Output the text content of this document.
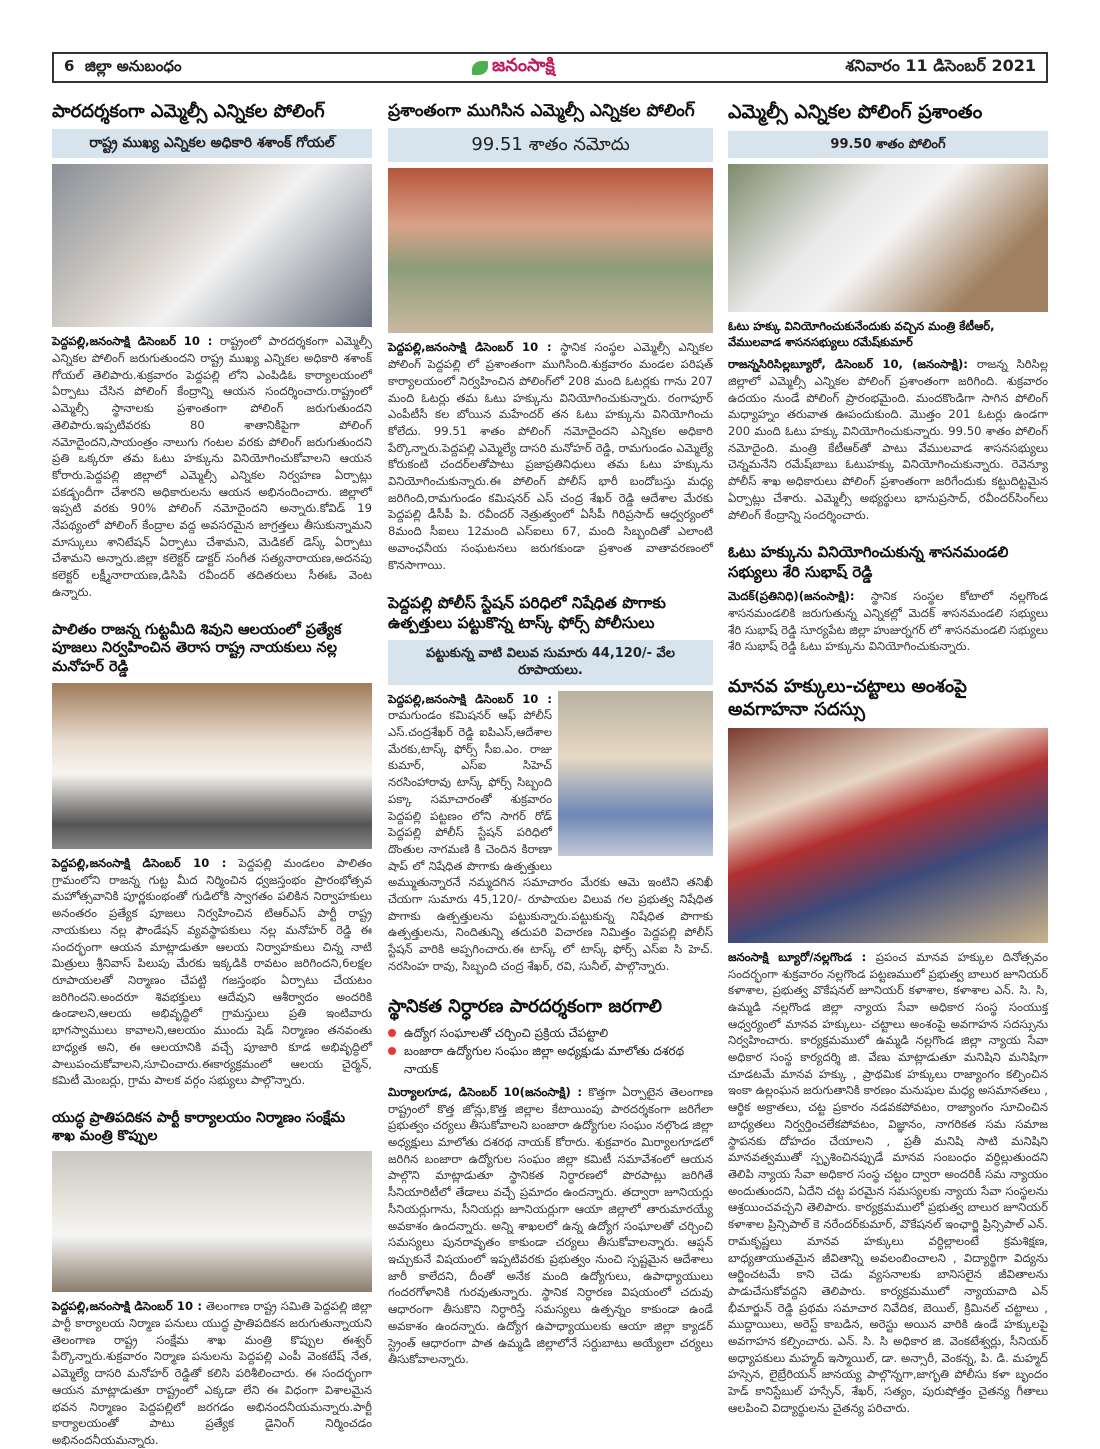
6 జిల్లా అనుబంధం	జనంసాక్షి	శనివారం 11 డిసెంబర్ 2021
పారదర్శకంగా ఎమ్మెల్సీ ఎన్నికల పోలింగ్
రాష్ట్ర ముఖ్య ఎన్నికల అధికారి శశాంక్ గోయల్
పెద్దపల్లి,జనంసాక్షి డిసెంబర్ 10 : రాష్ట్రంలో పారదర్శకంగా ఎమ్మెల్సీ ఎన్నికల పోలింగ్ జరుగుతుందని రాష్ట్ర ముఖ్య ఎన్నికల అధికారి శశాంక్ గోయల్ తెలిపారు.శుక్రవారం పెద్దపల్లి లోని ఎంపిడిఓ కార్యాలయంలో ఏర్పాటు చేసిన పోలింగ్ కేంద్రాన్ని ఆయన సందర్శించారు.రాష్ట్రంలో ఎమ్మెల్సీ స్థానాలకు ప్రశాంతంగా పోలింగ్ జరుగుతుందని తెలిపారు.ఇప్పటివరకు 80 శాతానికిపైగా పోలింగ్ నమోదైందని,సాయంత్రం నాలుగు గంటల వరకు పోలింగ్ జరుగుతుందని ప్రతి ఒక్కరూ తమ ఓటు హక్కును వినియోగించుకోవాలని ఆయన కోరారు.పెద్దపల్లి జిల్లాలో ఎమ్మెల్సీ ఎన్నికల నిర్వహణ ఏర్పాట్లు పకడ్బందీగా చేశారని అధికారులను ఆయన అభినందించారు. జిల్లాలో ఇప్పటి వరకు 90% పోలింగ్ నమోదైందని అన్నారు.కోవిడ్ 19 నేపథ్యంలో పోలింగ్ కేంద్రాల వద్ద అవసరమైన జాగ్రత్తలు తీసుకున్నామని మాస్కులు శానిటేషన్ ఏర్పాటు చేశామని, మెడికల్ డెస్క్ ఏర్పాటు చేశామని అన్నారు.జిల్లా కలెక్టర్ డాక్టర్ సంగీత సత్యనారాయణ,అదనపు కలెక్టర్ లక్ష్మీనారాయణ,డిసిపి రవీందర్ తదితరులు సీఈఓ వెంట ఉన్నారు.
పాలితం రాజన్న గుట్టమీది శివుని ఆలయంలో ప్రత్యేక పూజలు నిర్వహించిన తెరాస రాష్ట్ర నాయకులు నల్ల మనోహర్ రెడ్డి
పెద్దపల్లి,జనంసాక్షి డిసెంబర్ 10 : పెద్దపల్లి మండలం పాలితం గ్రామంలోని రాజన్న గుట్ట మీద నిర్మించిన ధ్వజస్తంభం ప్రారంభోత్సవ మహోత్సవానికి పూర్ణకుంభంతో గుడిలోకి స్వాగతం పలికిన నిర్వాహకులు అనంతరం ప్రత్యేక పూజలు నిర్వహించిన టిఆర్ఎస్ పార్టీ రాష్ట్ర నాయకులు నల్ల ఫౌండేషన్ వ్యవస్థాపకులు నల్ల మనోహర్ రెడ్డి ఈ సందర్భంగా ఆయన మాట్లాడుతూ ఆలయ నిర్వాహకులు చిన్న నాటి మిత్రులు శ్రీనివాస్ పిలుపు మేరకు ఇక్కడికి రావటం జరిగిందని,6లక్షల రూపాయలతో నిర్మాణం చేపట్టి గజస్తంభం ఏర్పాటు చేయటం జరిగిందని.అందరూ శివభక్తులు ఆదేవుని ఆశీర్వాదం అందరికి ఉండాలని,ఆలయ అభివృద్ధిలో గ్రామస్తులు ప్రతి ఇంటివారు భాగస్వాములు కావాలని,ఆలయం ముందు షెడ్ నిర్మాణం తనవంతు బాధ్యత అని, ఈ ఆలయానికి వచ్చే పూజారి కూడ అభివృద్ధిలో పాలుపంచుకోవాలని,సూచించారు.ఈకార్యక్రమంలో ఆలయ చైర్మన్, కమిటీ మెంబర్లు, గ్రామ పాలక వర్గం సభ్యులు పాల్గొన్నారు.
యుద్ధ ప్రాతిపదికన పార్టీ కార్యాలయం నిర్మాణం సంక్షేమ శాఖ మంత్రి కొప్పుల
పెద్దపల్లి,జనంసాక్షి డిసెంబర్ 10 : తెలంగాణ రాష్ట్ర సమితి పెద్దపల్లి జిల్లా పార్టీ కార్యాలయ నిర్మాణ పనులు యుద్ధ ప్రాతిపదికన జరుగుతున్నాయని తెలంగాణ రాష్ట్ర సంక్షేమ శాఖ మంత్రి కొప్పుల ఈశ్వర్ పేర్కొన్నారు.శుక్రవారం నిర్మాణ పనులను పెద్దపల్లి ఎంపీ వెంకటేష్ నేత, ఎమ్మెల్యే దాసరి మనోహర్ రెడ్డితో కలిసి పరిశీలించారు. ఈ సందర్భంగా ఆయన మాట్లాడుతూ రాష్ట్రంలో ఎక్కడా లేని ఈ విధంగా విశాలమైన భవన నిర్మాణం పెద్దపల్లిలో జరగడం అభినందనీయమన్నారు.పార్టీ కార్యాలయంతో పాటు ప్రత్యేక డైనింగ్ నిర్మించడం అభినందనీయమన్నారు.
ప్రశాంతంగా ముగిసిన ఎమ్మెల్సీ ఎన్నికల పోలింగ్
99.51 శాతం నమోదు
పెద్దపల్లి,జనంసాక్షి డిసెంబర్ 10 : స్థానిక సంస్థల ఎమ్మెల్సీ ఎన్నికల పోలింగ్ పెద్దపల్లి లో ప్రశాంతంగా ముగిసింది.శుక్రవారం మండల పరిషత్ కార్యాలయంలో నిర్వహించిన పోలింగ్‌లో 208 మంది ఓటర్లకు గాను 207 మంది ఓటర్లు తమ ఓటు హక్కును వినియోగించుకున్నారు. రంగాపూర్ ఎంపీటీసీ కల బోయిన మహేందర్ తన ఓటు హక్కును వినియోగించు కోలేదు. 99.51 శాతం పోలింగ్ నమోదైందని ఎన్నికల అధికారి పేర్కొన్నారు.పెద్దపల్లి ఎమ్మెల్యే దాసరి మనోహర్ రెడ్డి, రామగుండం ఎమ్మెల్యే కోరుకంటి చందర్‌లతోపాటు ప్రజాప్రతినిధులు తమ ఓటు హక్కును వినియోగించుకున్నారు.ఈ పోలింగ్ పోలీస్ భారీ బందోబస్తు మధ్య జరిగింది,రామగుండం కమిషనర్ ఎస్ చంద్ర శేఖర్ రెడ్డి ఆదేశాల మేరకు పెద్దపల్లి డీసీపీ పి. రవీందర్ నెత్రుత్వంలో ఏసీపీ గిరిప్రసాద్ ఆధ్వర్యంలో 8మంది సీఐలు 12మంది ఎస్ఐలు 67, మంది సిబ్బందితో ఎలాంటి అవాంఛనీయ సంఘటనలు జరుగకుండా ప్రశాంత వాతావరణంలో కొనసాగాయి.
పెద్దపల్లి పోలీస్ స్టేషన్ పరిధిలో నిషేధిత పొగాకు ఉత్పత్తులు పట్టుకొన్న టాస్క్ ఫోర్స్ పోలీసులు
పట్టుకున్న వాటి విలువ సుమారు 44,120/- వేల రూపాయలు.
పెద్దపల్లి,జనంసాక్షి డిసెంబర్ 10 : రామగుండం కమిషనర్ ఆఫ్ పోలీస్ ఎస్.చంద్రశేఖర్ రెడ్డి ఐపిఎస్,ఆదేశాల మేరకు,టాస్క్ ఫోర్స్ సీఐ.ఎం. రాజు కుమార్, ఎస్ఐ సిహెచ్ నరసింహారావు టాస్క్ ఫోర్స్ సిబ్బంది పక్కా సమాచారంతో శుక్రవారం పెద్దపల్లి పట్టణం లోని సాగర్ రోడ్ పెద్దపల్లి పోలీస్ స్టేషన్ పరిధిలో దొంతుల నాగమణి కి చెందిన కిరాణా షాప్ లో నిషేధిత పొగాకు ఉత్పత్తులు అమ్ముతున్నారనే నమ్మదగిన సమాచారం మేరకు ఆమె ఇంటిని తనిఖీ చేయగా సుమారు 45,120/- రూపాయల విలువ గల ప్రభుత్వ నిషేధిత పొగాకు ఉత్పత్తులను పట్టుకున్నారు.పట్టుకున్న నిషేధిత పొగాకు ఉత్పత్తులను, నిందితున్ని తదుపరి విచారణ నిమిత్తం పెద్దపల్లి పోలీస్ స్టేషన్ వారికి అప్పగించారు.ఈ టాస్క్ లో టాస్క్ ఫోర్స్ ఎస్ఐ సి హెచ్. నరసింహ రావు, సిబ్బంది చంద్ర శేఖర్, రవి, సునీల్, పాల్గొన్నారు.
స్థానికత నిర్ధారణ పారదర్శకంగా జరగాలి
ఉద్యోగ సంఘాలతో చర్చించి ప్రక్రియ చేపట్టాలి
బంజారా ఉద్యోగుల సంఘం జిల్లా అధ్యక్షుడు మాలోతు దశరథ నాయక్
మిర్యాలగూడ, డిసెంబర్ 10(జనంసాక్షి) : కొత్తగా ఏర్పాటైన తెలంగాణ రాష్ట్రంలో కొత్త జోన్లు,కొత్త జిల్లాల కేటాయింపు పారదర్శకంగా జరిగేలా ప్రభుత్వం చర్యలు తీసుకోవాలని బంజారా ఉద్యోగుల సంఘం నల్గొండ జిల్లా అధ్యక్షులు మాలోతు దశరథ నాయక్ కోరారు. శుక్రవారం మిర్యాలగూడలో జరిగిన బంజారా ఉద్యోగుల సంఘం జిల్లా కమిటీ సమావేశంలో ఆయన పాల్గొని మాట్లాడుతూ స్థానికత నిర్ధారణలో పొరపాట్లు జరిగితే సీనియారిటీలో తేడాలు వచ్చే ప్రమాదం ఉందన్నారు. తద్వారా జూనియర్లు సీనియర్లుగాను, సీనియర్లు జూనియర్లుగా ఆయా జిల్లాలో తారుమారయ్యే అవకాశం ఉందన్నారు. అన్ని శాఖలలో ఉన్న ఉద్యోగ సంఘాలతో చర్చించి సమస్యలు పునరావృతం కాకుండా చర్యలు తీసుకోవాలన్నారు. ఆప్షన్ ఇచ్చుకునే విషయంలో ఇప్పటివరకు ప్రభుత్వం నుంచి స్పష్టమైన ఆదేశాలు జారీ కాలేదని, దీంతో అనేక మంది ఉద్యోగులు, ఉపాధ్యాయులు గందరగోళానికి గురవుతున్నారు. స్థానిక నిర్ధారణ విషయంలో చదువు ఆధారంగా తీసుకొని నిర్ధారిస్తే సమస్యలు ఉత్పన్నం కాకుండా ఉండే అవకాశం ఉందన్నారు. ఉద్యోగ ఉపాధ్యాయులకు ఆయా జిల్లా క్యాడర్ స్ట్రెంత్ ఆధారంగా పాత ఉమ్మడి జిల్లాలోనే సర్దుబాటు అయ్యేలా చర్యలు తీసుకోవాలన్నారు.
ఎమ్మెల్సీ ఎన్నికల పోలింగ్ ప్రశాంతం
99.50 శాతం పోలింగ్
ఓటు హక్కు వినియోగించుకునేందుకు వచ్చిన మంత్రి కేటీఆర్, వేములవాడ శాసనసభ్యులు రమేష్‌కుమార్
రాజన్నసిరిసిల్లబ్యూరో, డిసెంబర్ 10, (జనంసాక్షి): రాజన్న సిరిసిల్ల జిల్లాలో ఎమ్మెల్సీ ఎన్నికల పోలింగ్ ప్రశాంతంగా జరిగింది. శుక్రవారం ఉదయం నుండే పోలింగ్ ప్రారంభమైంది. మందకొండిగా సాగిన పోలింగ్ మధ్యాహ్నం తరువాత ఊపందుకుంది. మొత్తం 201 ఓటర్లు ఉండగా 200 మంది ఓటు హక్కు వినియోగించుకున్నారు. 99.50 శాతం పోలింగ్ నమోదైంది. మంత్రి కేటీఆర్‌తో పాటు వేములవాడ శాసనసభ్యులు చెన్నమనేని రమేష్‌బాబు ఓటుహక్కు వినియోగించుకున్నారు. రెవెన్యూ పోలీస్ శాఖ అధికారులు పోలింగ్ ప్రశాంతంగా జరిగేందుకు కట్టుదిట్టమైన ఏర్పాట్లు చేశారు. ఎమ్మెల్సీ అభ్యర్థులు భానుప్రసాద్, రవీందర్‌సింగ్‌లు పోలింగ్ కేంద్రాన్ని సందర్శించారు.
ఓటు హక్కును వినియోగించుకున్న శాసనమండలి సభ్యులు శేరి సుభాష్ రెడ్డి
మెదక్(ప్రతినిధి)(జనంసాక్షి): స్థానిక సంస్థల కోటాలో నల్లగొండ శాసనమండలికి జరుగుతున్న ఎన్నికల్లో మెదక్ శాసనమండలి సభ్యులు శేరి సుభాష్ రెడ్డి సూర్యపేట జిల్లా హుజుర్నగర్ లో శాసనమండలి సభ్యులు శేరి సుభాష్ రెడ్డి ఓటు హక్కును వినియోగించుకున్నారు.
మానవ హక్కులు-చట్టాలు అంశంపై అవగాహనా సదస్సు
జనంసాక్షి బ్యూరో/నల్లగొండ : ప్రపంచ మానవ హక్కుల దినోత్సవం సందర్భంగా శుక్రవారం నల్లగొండ పట్టణములో ప్రభుత్వ బాలుర జూనియర్ కళాశాల, ప్రభుత్వ వొకేషనల్ జూనియర్ కళాశాల, కళాశాల ఎన్. సి. సి, ఉమ్మడి నల్లగొండ జిల్లా న్యాయ సేవా అధికార సంస్థ సంయుక్త ఆధ్వర్యంలో మానవ హక్కులు- చట్టాలు అంశంపై అవగాహన సదస్సును నిర్వహించారు. కార్యక్రమములో ఉమ్మడి నల్లగొండ జిల్లా న్యాయ సేవా అధికార సంస్థ కార్యదర్శి జి. వేణు మాట్లాడుతూ మనిషిని మనిషిగా చూడటమే మానవ హక్కు , ప్రాథమిక హక్కులు రాజ్యాంగం కల్పించిన ఇంకా ఉల్లంఘన జరుగుతానికి కారణం మనుషుల మధ్య అసమానతలు , ఆర్థిక అక్రాతలు, చట్ట ప్రకారం నడవకపోవటం, రాజ్యాంగం సూచించిన బాధ్యతలు నిర్వర్తించలేకపోవటం, విజ్ఞానం, నాగరికత సమ సమాజ స్థాపనకు దోహదం చేయాలని , ప్రతీ మనిషి సాటి మనిషిని మానవత్వముతో స్పృశించినప్పుడే మానవ సంబంధం వర్ధిల్లుతుందని తెలిపి న్యాయ సేవా అధికార సంస్థ చట్టం ద్వారా అందరికీ సమ న్యాయం అందుతుందని, ఏదేని చట్ట పరమైన సమస్యలకు న్యాయ సేవా సంస్థలను ఆశ్రయించవచ్చని తెలిపారు. కార్యక్రమములో ప్రభుత్వ బాలుర జూనియర్ కళాశాల ప్రిన్సిపాల్ కె నరేందర్‌కుమార్, వొకేషనల్ ఇంఛార్జి ప్రిన్సిపాల్ ఎన్. రామకృష్ణలు మానవ హక్కులు వర్ధిల్లాలంటే క్రమశిక్షణ, బాధ్యతాయుతమైన జీవితాన్ని అవలంబించాలని , విద్యార్థిగా విద్యను ఆర్జించటమే కాని చెడు వ్యసనాలకు బానిసలైన జీవితాలను పాడుచేసుకోవద్దని తెలిపారు. కార్యక్రమములో న్యాయవాది ఎన్ భీమార్జున్ రెడ్డి ప్రథమ సమాచార నివేదిక, బెయిల్, క్రిమినల్ చట్టాలు , ముద్దాయిలు, అరెస్ట్ కాబడిన, అరెస్టు అయిన వారికి ఉండే హక్కులపై అవగాహన కల్పించారు. ఎన్. సి. సి అధికార జి. వెంకటేశ్వర్లు, సీనియర్ అధ్యాపకులు మహ్మద్ ఇస్మాయిల్, డా. అన్సారీ, వెంకన్న, పి. డి. మహ్మద్ హస్సెన, లైబ్రేరియన్ జానయ్య పాల్గొన్నగా,జాగృతి పోలీసు కళా బృందం హెడ్ కానిస్టేబుల్ హస్సేన్, శేఖర్, సత్యం, పురుషోత్తం చైతన్య గీతాలు ఆలపించి విద్యార్థులను చైతన్య పరిచారు.
